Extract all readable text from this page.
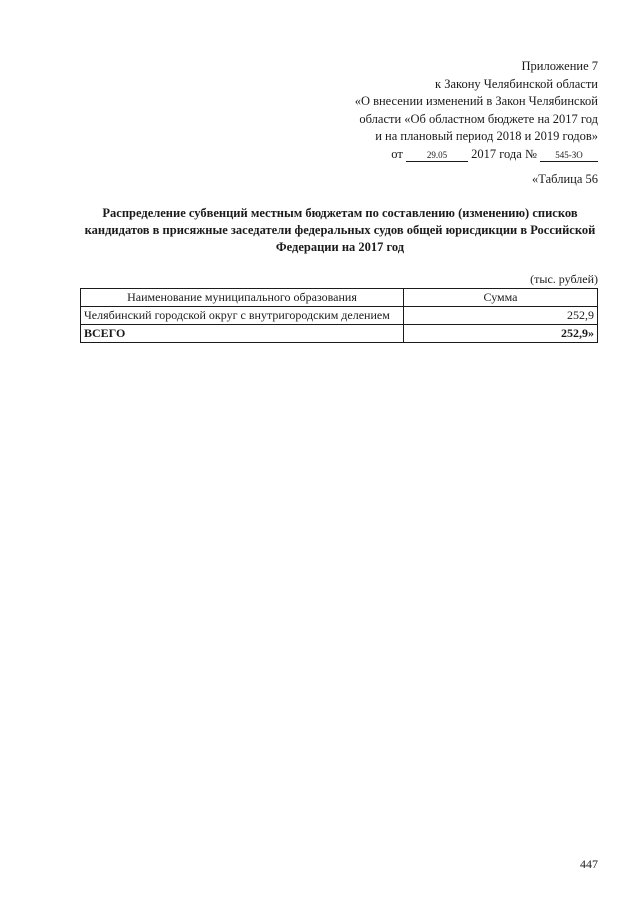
Приложение 7
к Закону Челябинской области
«О внесении изменений в Закон Челябинской
области «Об областном бюджете на 2017 год
и на плановый период 2018 и 2019 годов»
от	29.05 2017 года № 545-ЗО
«Таблица 56
Распределение субвенций местным бюджетам по составлению (изменению) списков кандидатов в присяжные заседатели федеральных судов общей юрисдикции в Российской Федерации на 2017 год
(тыс. рублей)
Наименование муниципального образования	Сумма
Челябинский городской округ с внутригородским делением	252,9
ВСЕГО	252,9»
447
